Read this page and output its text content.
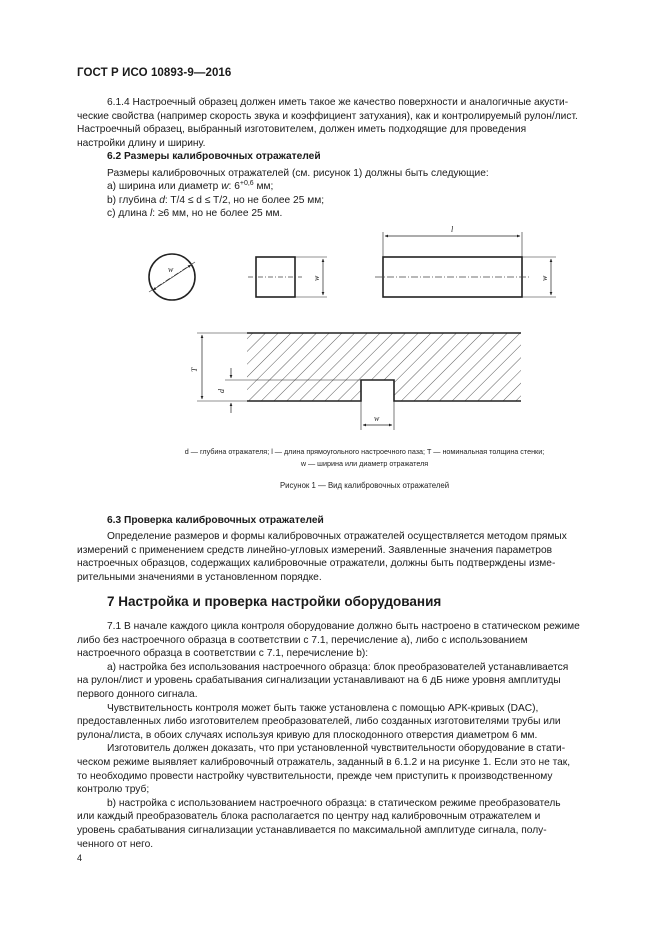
ГОСТ Р ИСО 10893-9—2016

6.1.4 Настроечный образец должен иметь такое же качество поверхности и аналогичные акусти-

ческие свойства (например скорость звука и коэффициент затухания), как и контролируемый рулон/лист.

Настроечный образец, выбранный изготовителем, должен иметь подходящие для проведения

настройки длину и ширину.

6.2 Размеры калибровочных отражателей
Размеры калибровочных отражателей (см. рисунок 1) должны быть следующие:
a) ширина или диаметр w: $6^{+0,6}$ мм;
b) глубина d: T/4 ≤ d ≤ T/2, но не более 25 мм;
c) длина l: ≥6 мм, но не более 25 мм.
w
w
l
w
T
d
w
d — глубина отражателя; l — длина прямоугольного настроечного паза; T — номинальная толщина стенки;
w — ширина или диаметр отражателя
Рисунок 1 — Вид калибровочных отражателей
6.3 Проверка калибровочных отражателей

Определение размеров и формы калибровочных отражателей осуществляется методом прямых

измерений с применением средств линейно-угловых измерений. Заявленные значения параметров

настроечных образцов, содержащих калибровочные отражатели, должны быть подтверждены изме-

рительными значениями в установленном порядке.

7 Настройка и проверка настройки оборудования

7.1 В начале каждого цикла контроля оборудование должно быть настроено в статическом режиме

либо без настроечного образца в соответствии с 7.1, перечисление a), либо с использованием

настроечного образца в соответствии с 7.1, перечисление b):

a) настройка без использования настроечного образца: блок преобразователей устанавливается

на рулон/лист и уровень срабатывания сигнализации устанавливают на 6 дБ ниже уровня амплитуды

первого донного сигнала.

Чувствительность контроля может быть также установлена с помощью АРК-кривых (DAC),

предоставленных либо изготовителем преобразователей, либо созданных изготовителями трубы или

рулона/листа, в обоих случаях используя кривую для плоскодонного отверстия диаметром 6 мм.

Изготовитель должен доказать, что при установленной чувствительности оборудование в стати-

ческом режиме выявляет калибровочный отражатель, заданный в 6.1.2 и на рисунке 1. Если это не так,

то необходимо провести настройку чувствительности, прежде чем приступить к производственному

контролю труб;

b) настройка с использованием настроечного образца: в статическом режиме преобразователь

или каждый преобразователь блока располагается по центру над калибровочным отражателем и

уровень срабатывания сигнализации устанавливается по максимальной амплитуде сигнала, полу-

ченного от него.

4
